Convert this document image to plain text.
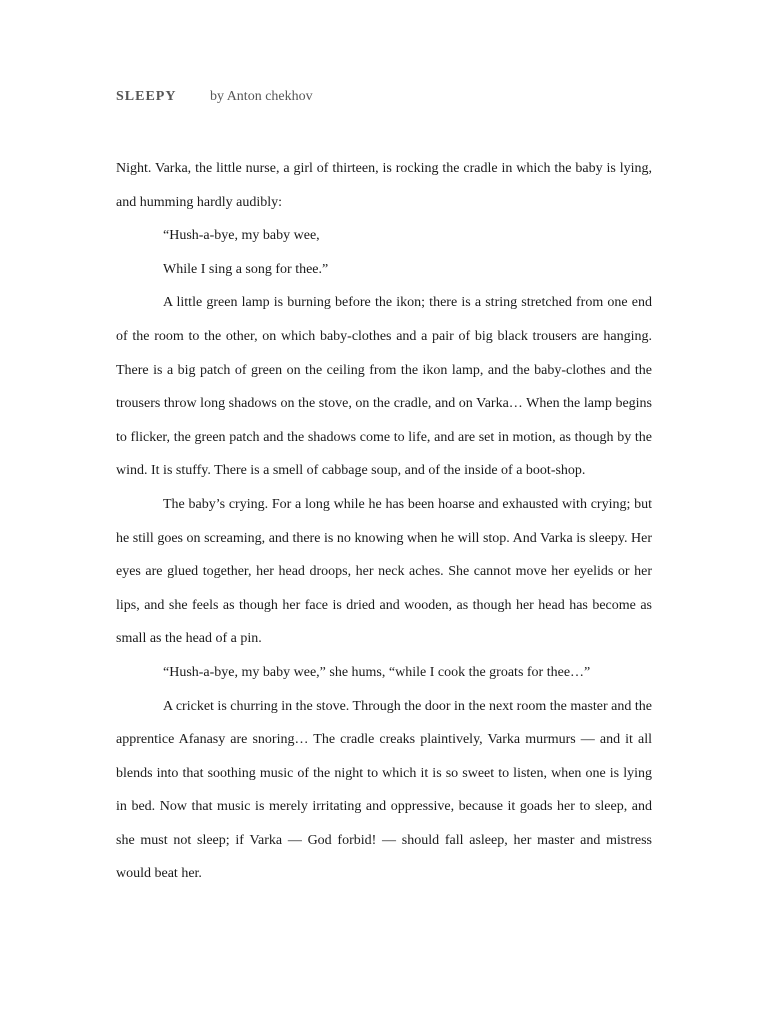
SLEEPY by Anton chekhov

Night. Varka, the little nurse, a girl of thirteen, is rocking the cradle in which the baby is lying, and humming hardly audibly:

“Hush-a-bye, my baby wee,

While I sing a song for thee.”

A little green lamp is burning before the ikon; there is a string stretched from one end of the room to the other, on which baby-clothes and a pair of big black trousers are hanging. There is a big patch of green on the ceiling from the ikon lamp, and the baby-clothes and the trousers throw long shadows on the stove, on the cradle, and on Varka… When the lamp begins to flicker, the green patch and the shadows come to life, and are set in motion, as though by the wind. It is stuffy. There is a smell of cabbage soup, and of the inside of a boot-shop.

The baby’s crying. For a long while he has been hoarse and exhausted with crying; but he still goes on screaming, and there is no knowing when he will stop. And Varka is sleepy. Her eyes are glued together, her head droops, her neck aches. She cannot move her eyelids or her lips, and she feels as though her face is dried and wooden, as though her head has become as small as the head of a pin.

“Hush-a-bye, my baby wee,” she hums, “while I cook the groats for thee…”

A cricket is churring in the stove. Through the door in the next room the master and the apprentice Afanasy are snoring… The cradle creaks plaintively, Varka murmurs — and it all blends into that soothing music of the night to which it is so sweet to listen, when one is lying in bed. Now that music is merely irritating and oppressive, because it goads her to sleep, and she must not sleep; if Varka — God forbid! — should fall asleep, her master and mistress would beat her.
